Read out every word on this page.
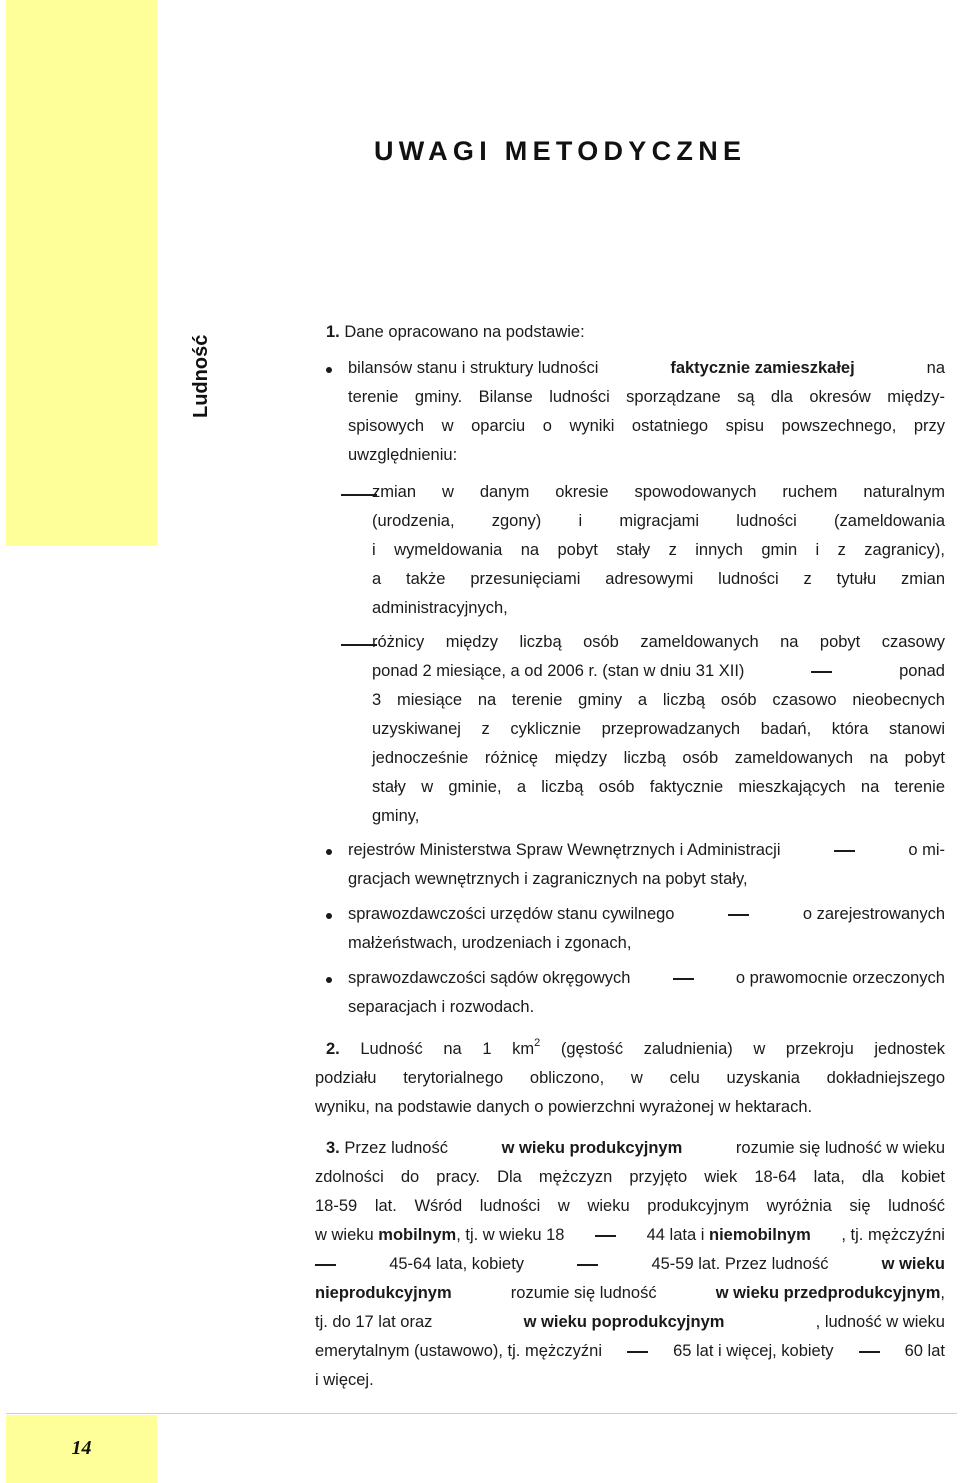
Ludność
UWAGI METODYCZNE
1. Dane opracowano na podstawie:
bilansów stanu i struktury ludności	faktycznie zamieszkałej	na
terenie gminy. Bilanse ludności sporządzane są dla okresów między-
spisowych w oparciu o wyniki ostatniego spisu powszechnego, przy
uwzględnieniu:
zmian w danym okresie spowodowanych ruchem naturalnym
(urodzenia, zgony) i migracjami ludności (zameldowania
i wymeldowania na pobyt stały z innych gmin i z zagranicy),
a także przesunięciami adresowymi ludności z tytułu zmian
administracyjnych,
różnicy między liczbą osób zameldowanych na pobyt czasowy
ponad 2 miesiące, a od 2006 r. (stan w dniu 31 XII)	ponad
3 miesiące na terenie gminy a liczbą osób czasowo nieobecnych
uzyskiwanej z cyklicznie przeprowadzanych badań, która stanowi
jednocześnie różnicę między liczbą osób zameldowanych na pobyt
stały w gminie, a liczbą osób faktycznie mieszkających na terenie
gminy,
rejestrów Ministerstwa Spraw Wewnętrznych i Administracji	o mi-
gracjach wewnętrznych i zagranicznych na pobyt stały,
sprawozdawczości urzędów stanu cywilnego	o zarejestrowanych
małżeństwach, urodzeniach i zgonach,
sprawozdawczości sądów okręgowych	o prawomocnie orzeczonych
separacjach i rozwodach.
2. Ludność na 1 $km^2$ (gęstość zaludnienia) w przekroju jednostek
podziału terytorialnego obliczono, w celu uzyskania dokładniejszego
wyniku, na podstawie danych o powierzchni wyrażonej w hektarach.
3. Przez ludność	w wieku produkcyjnym	rozumie się ludność w wieku
zdolności do pracy. Dla mężczyzn przyjęto wiek 18-64 lata, dla kobiet
18-59 lat. Wśród ludności w wieku produkcyjnym wyróżnia się ludność
w wieku mobilnym, tj. w wieku 18	44 lata i niemobilnym , tj. mężczyźni
45-64 lata, kobiety	45-59 lat. Przez ludność	w wieku
nieprodukcyjnym	rozumie się ludność	w wieku przedprodukcyjnym,
tj. do 17 lat oraz	w wieku poprodukcyjnym	, ludność w wieku
emerytalnym (ustawowo), tj. mężczyźni	65 lat i więcej, kobiety	60 lat
i więcej.
14
